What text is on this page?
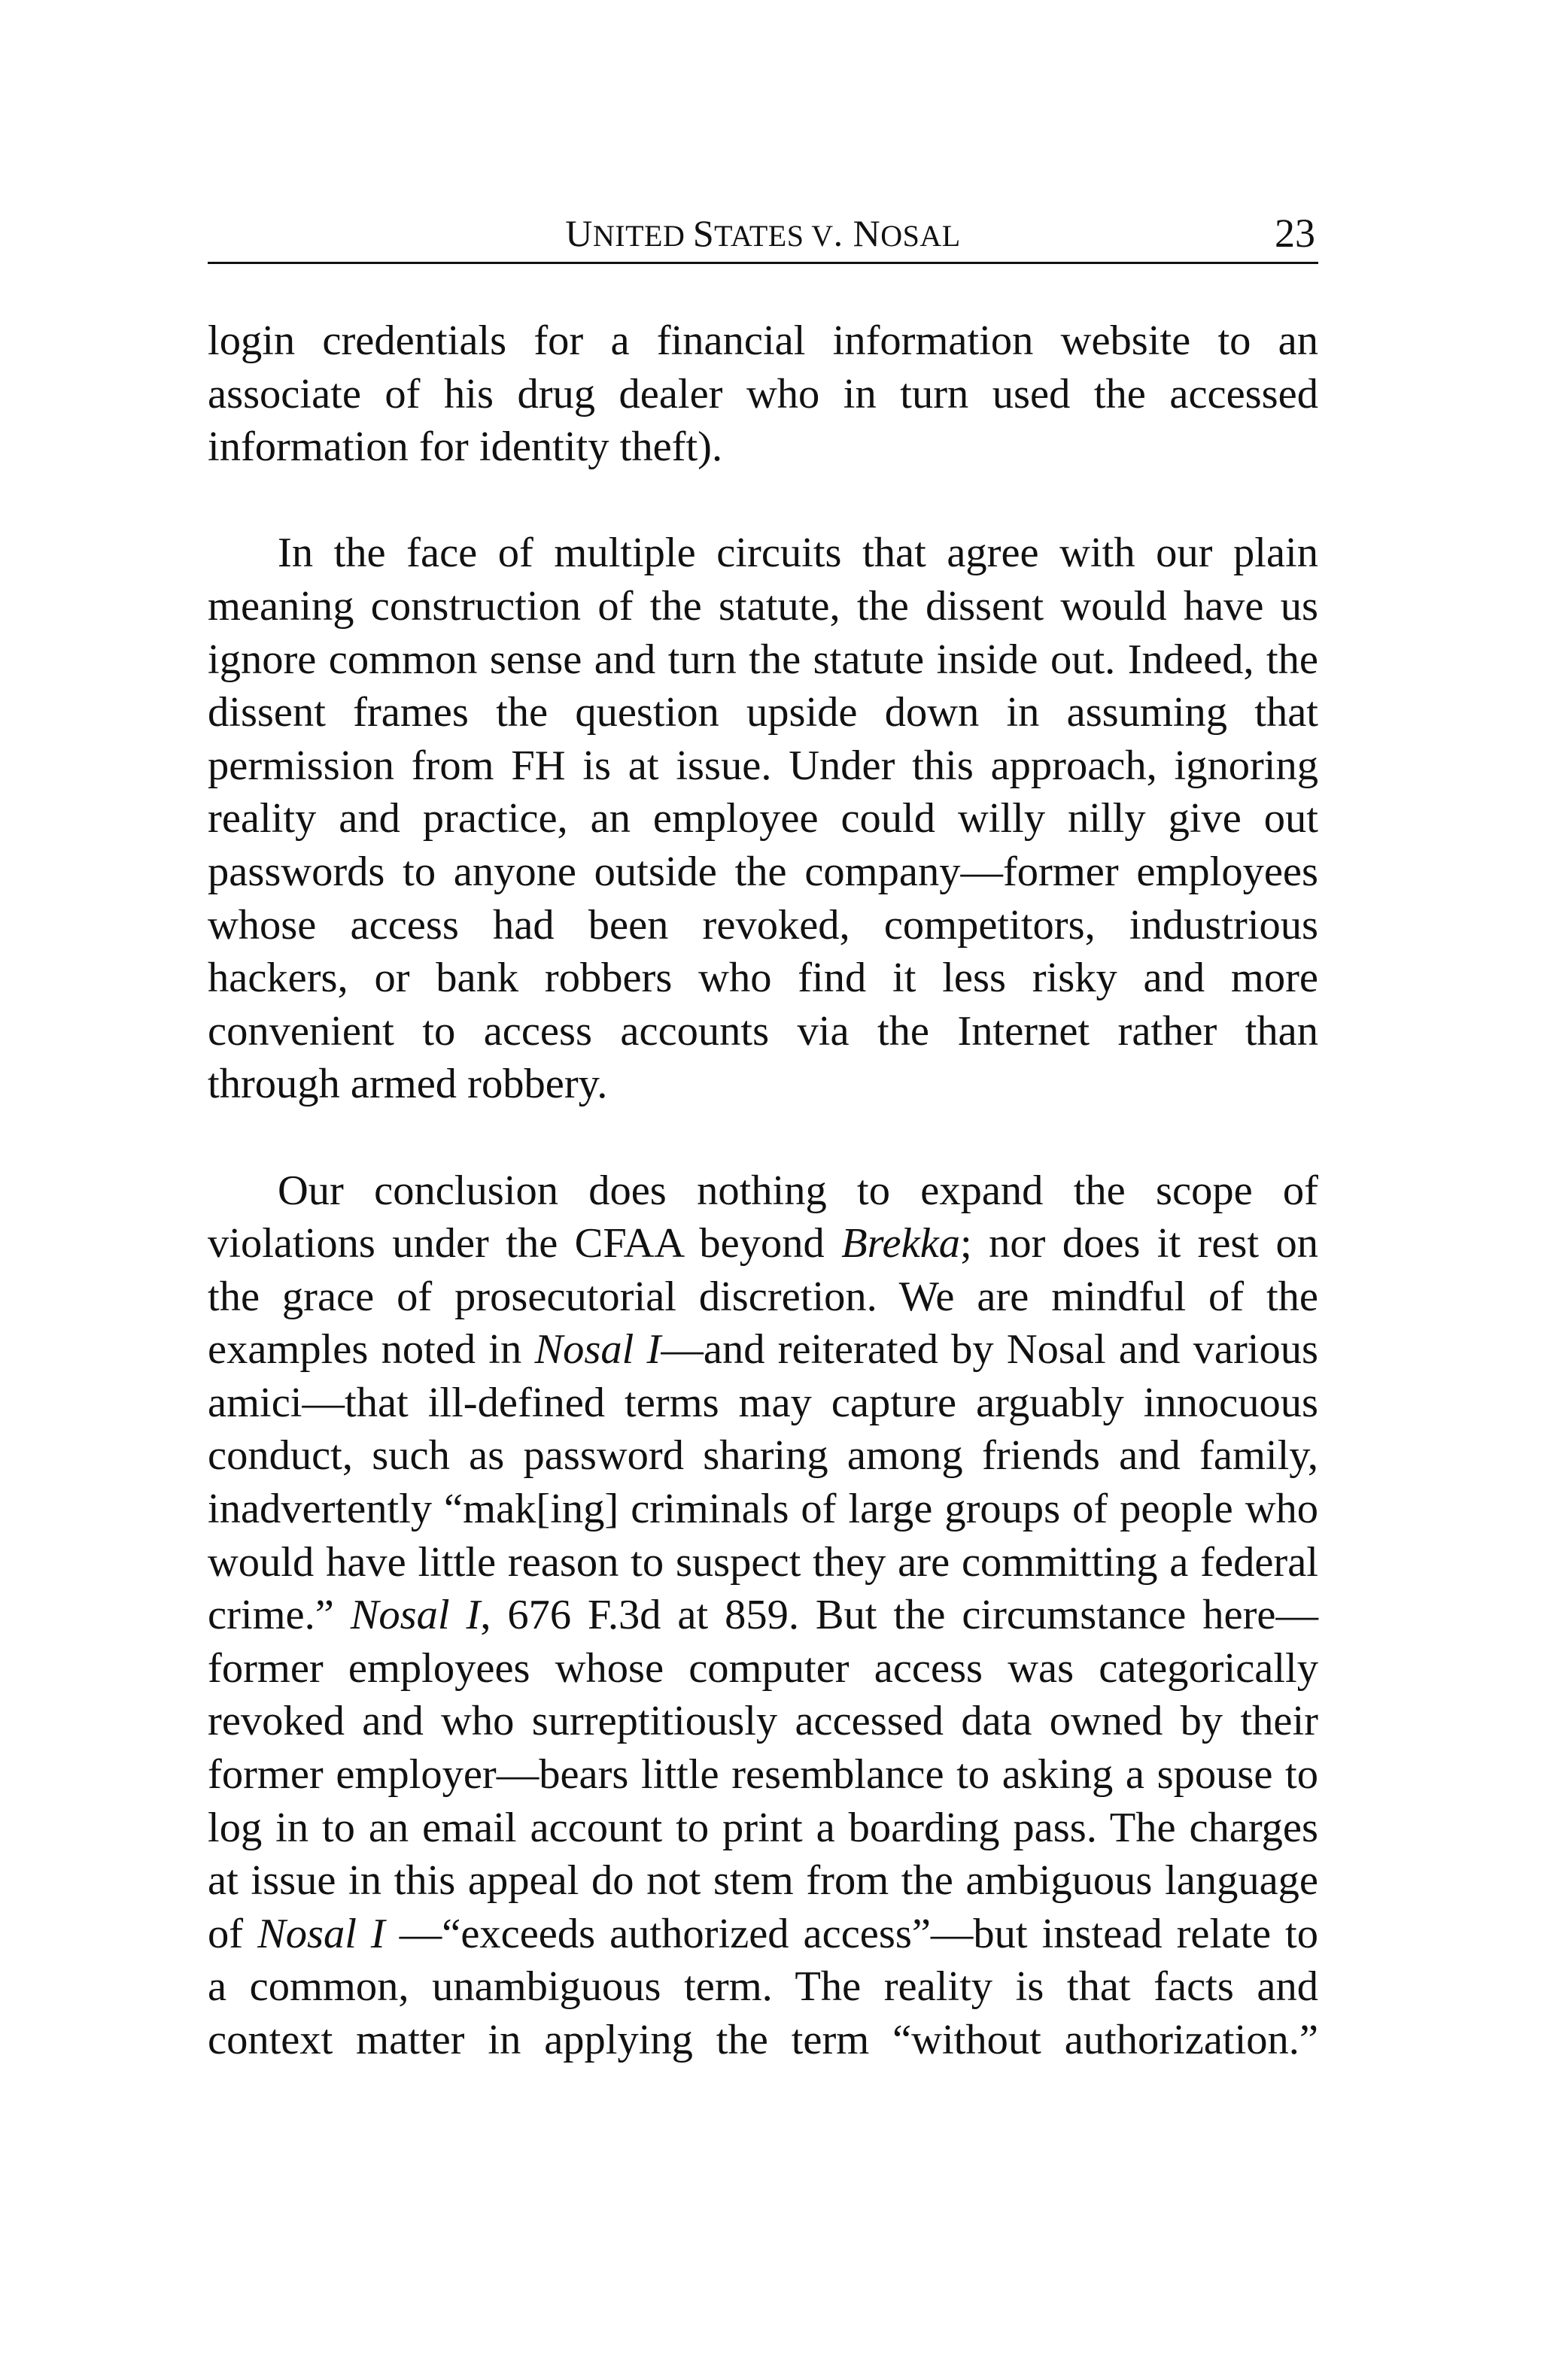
UNITED STATES V. NOSAL	23

login credentials for a financial information website to an associate of his drug dealer who in turn used the accessed information for identity theft).

In the face of multiple circuits that agree with our plain meaning construction of the statute, the dissent would have us ignore common sense and turn the statute inside out. Indeed, the dissent frames the question upside down in assuming that permission from FH is at issue. Under this approach, ignoring reality and practice, an employee could willy nilly give out passwords to anyone outside the company—former employees whose access had been revoked, competitors, industrious hackers, or bank robbers who find it less risky and more convenient to access accounts via the Internet rather than through armed robbery.

Our conclusion does nothing to expand the scope of violations under the CFAA beyond Brekka; nor does it rest on the grace of prosecutorial discretion. We are mindful of the examples noted in Nosal I—and reiterated by Nosal and various amici—that ill-defined terms may capture arguably innocuous conduct, such as password sharing among friends and family, inadvertently “mak[ing] criminals of large groups of people who would have little reason to suspect they are committing a federal crime.” Nosal I, 676 F.3d at 859. But the circumstance here—former employees whose computer access was categorically revoked and who surreptitiously accessed data owned by their former employer—bears little resemblance to asking a spouse to log in to an email account to print a boarding pass. The charges at issue in this appeal do not stem from the ambiguous language of Nosal I —“exceeds authorized access”—but instead relate to a common, unambiguous term. The reality is that facts and context matter in applying the term “without authorization.”
